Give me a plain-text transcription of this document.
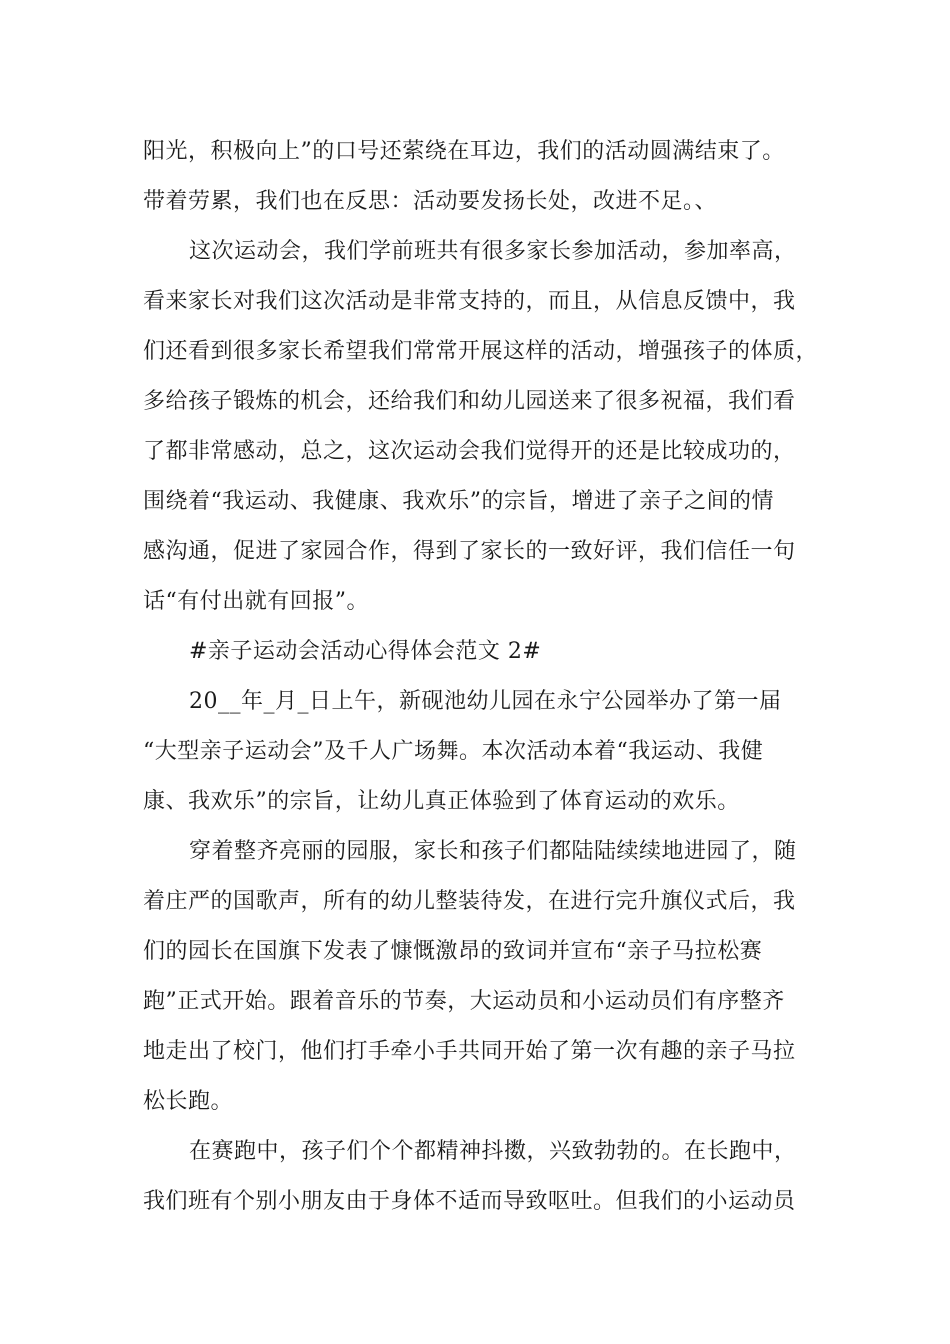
阳光，积极向上”的口号还萦绕在耳边，我们的活动圆满结束了。
带着劳累，我们也在反思：活动要发扬长处，改进不足。、
这次运动会，我们学前班共有很多家长参加活动，参加率高，
看来家长对我们这次活动是非常支持的，而且，从信息反馈中，我
们还看到很多家长希望我们常常开展这样的活动，增强孩子的体质，
多给孩子锻炼的机会，还给我们和幼儿园送来了很多祝福，我们看
了都非常感动，总之，这次运动会我们觉得开的还是比较成功的，
围绕着“我运动、我健康、我欢乐”的宗旨，增进了亲子之间的情
感沟通，促进了家园合作，得到了家长的一致好评，我们信任一句
话“有付出就有回报”。
#亲子运动会活动心得体会范文 2#
20__年_月_日上午，新砚池幼儿园在永宁公园举办了第一届
“大型亲子运动会”及千人广场舞。本次活动本着“我运动、我健
康、我欢乐”的宗旨，让幼儿真正体验到了体育运动的欢乐。
穿着整齐亮丽的园服，家长和孩子们都陆陆续续地进园了，随
着庄严的国歌声，所有的幼儿整装待发，在进行完升旗仪式后，我
们的园长在国旗下发表了慷慨激昂的致词并宣布“亲子马拉松赛
跑”正式开始。跟着音乐的节奏，大运动员和小运动员们有序整齐
地走出了校门，他们打手牵小手共同开始了第一次有趣的亲子马拉
松长跑。
在赛跑中，孩子们个个都精神抖擞，兴致勃勃的。在长跑中，
我们班有个别小朋友由于身体不适而导致呕吐。但我们的小运动员
